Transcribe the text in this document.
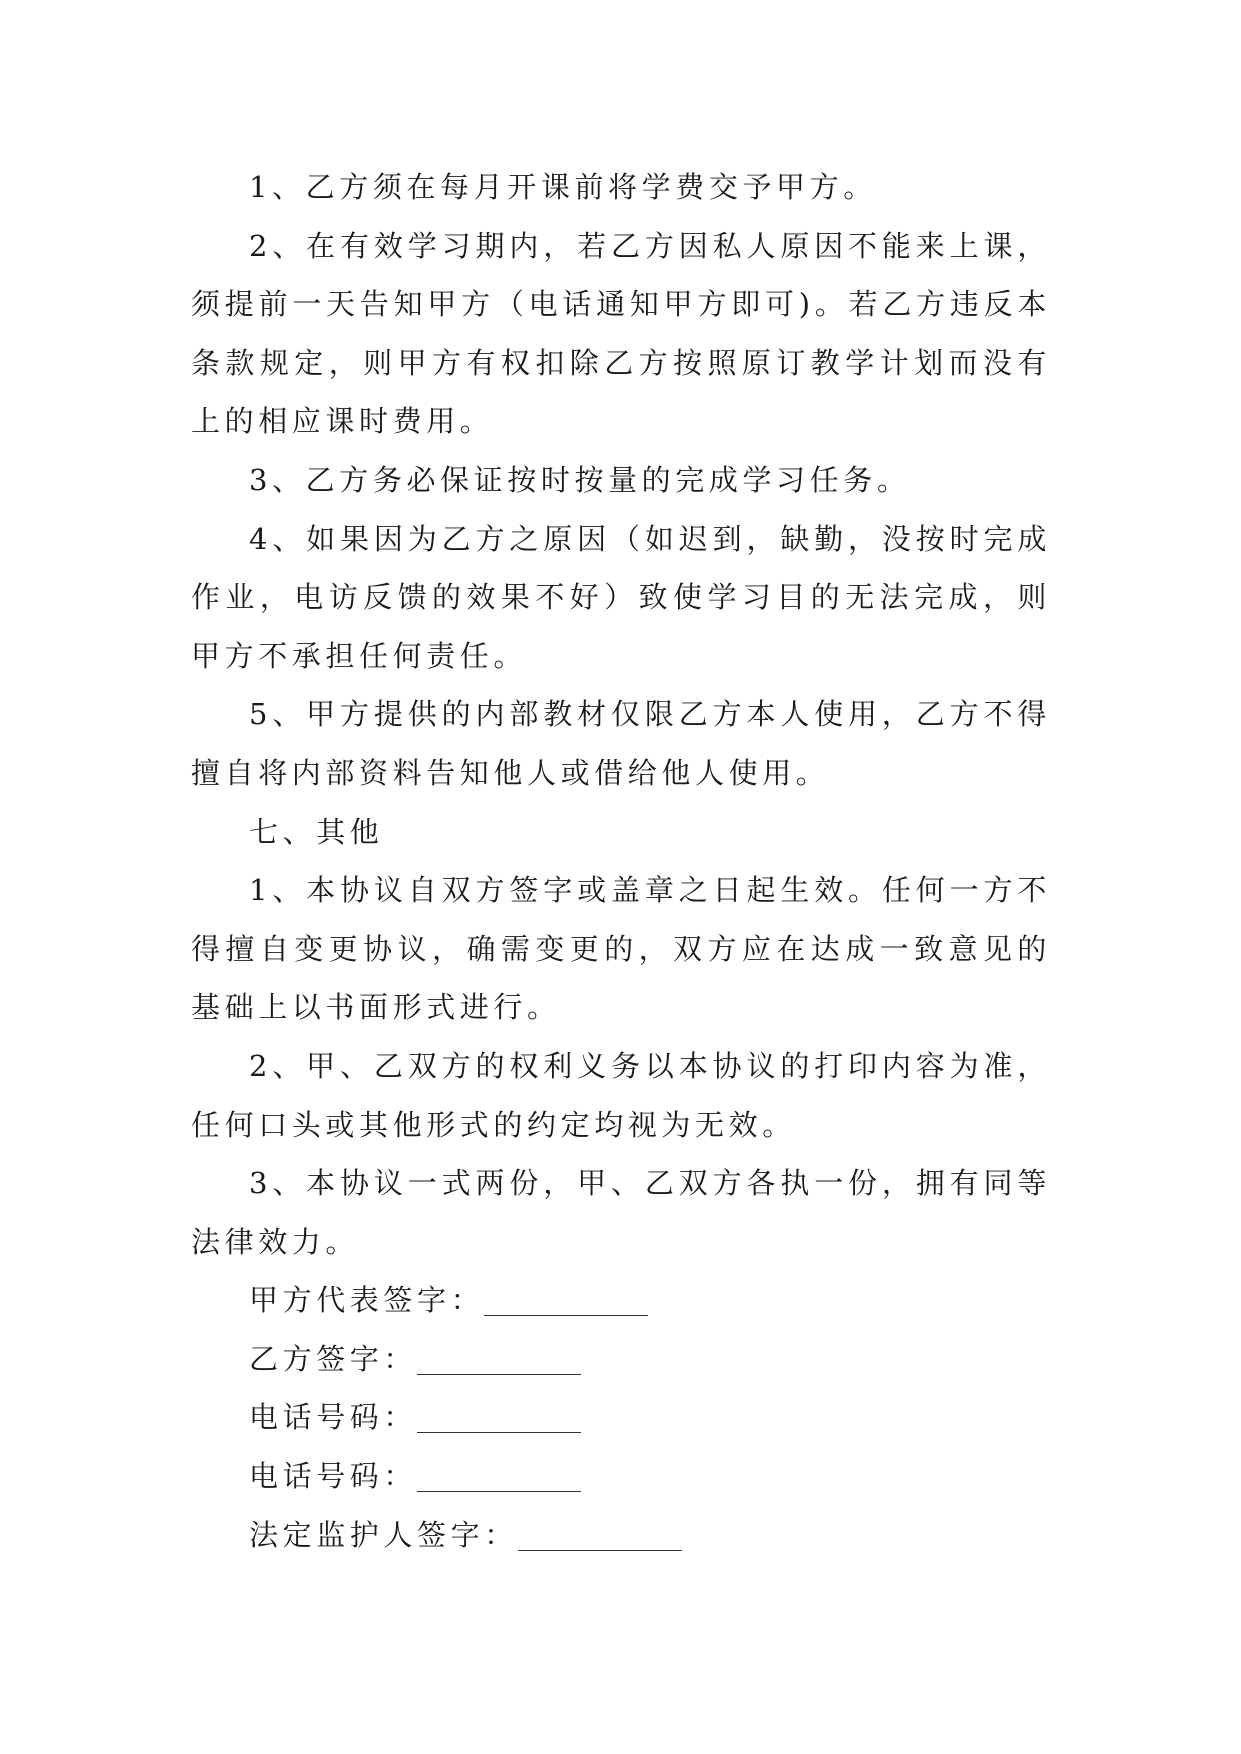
1、乙方须在每月开课前将学费交予甲方。

2、在有效学习期内，若乙方因私人原因不能来上课，须提前一天告知甲方（电话通知甲方即可)。若乙方违反本条款规定，则甲方有权扣除乙方按照原订教学计划而没有上的相应课时费用。

3、乙方务必保证按时按量的完成学习任务。

4、如果因为乙方之原因（如迟到，缺勤，没按时完成作业，电访反馈的效果不好）致使学习目的无法完成，则甲方不承担任何责任。

5、甲方提供的内部教材仅限乙方本人使用，乙方不得擅自将内部资料告知他人或借给他人使用。

七、其他

1、本协议自双方签字或盖章之日起生效。任何一方不得擅自变更协议，确需变更的，双方应在达成一致意见的基础上以书面形式进行。

2、甲、乙双方的权利义务以本协议的打印内容为准，任何口头或其他形式的约定均视为无效。

3、本协议一式两份，甲、乙双方各执一份，拥有同等法律效力。

甲方代表签字：

乙方签字：

电话号码：

电话号码：

法定监护人签字：
